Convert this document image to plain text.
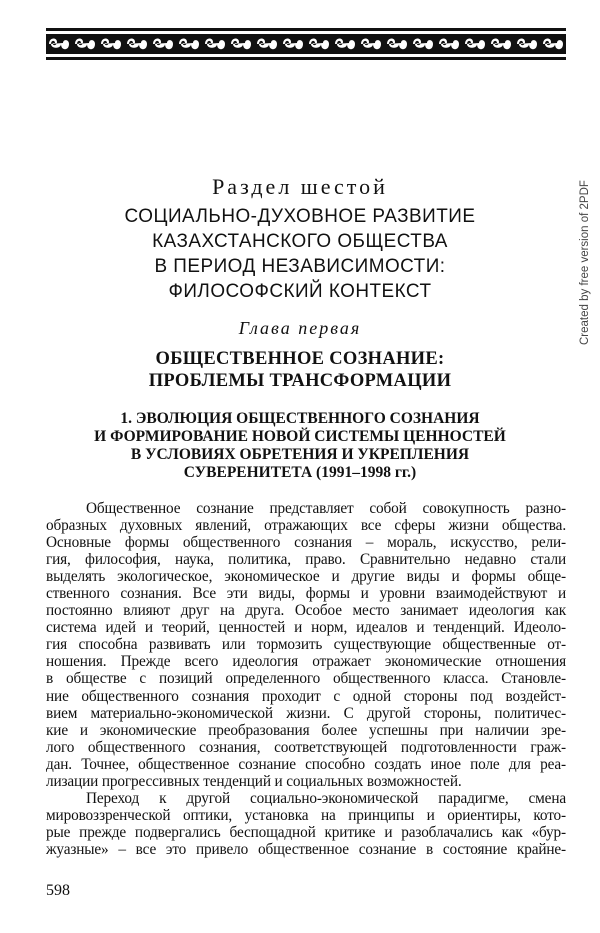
Created by free version of 2PDF
Раздел шестой
СОЦИАЛЬНО-ДУХОВНОЕ РАЗВИТИЕ
КАЗАХСТАНСКОГО ОБЩЕСТВА
В ПЕРИОД НЕЗАВИСИМОСТИ:
ФИЛОСОФСКИЙ КОНТЕКСТ
Глава первая
ОБЩЕСТВЕННОЕ СОЗНАНИЕ:
ПРОБЛЕМЫ ТРАНСФОРМАЦИИ
1. ЭВОЛЮЦИЯ ОБЩЕСТВЕННОГО СОЗНАНИЯ
И ФОРМИРОВАНИЕ НОВОЙ СИСТЕМЫ ЦЕННОСТЕЙ
В УСЛОВИЯХ ОБРЕТЕНИЯ И УКРЕПЛЕНИЯ
СУВЕРЕНИТЕТА (1991–1998 гг.)
Общественное сознание представляет собой совокупность разно-
образных духовных явлений, отражающих все сферы жизни общества.
Основные формы общественного сознания – мораль, искусство, рели-
гия, философия, наука, политика, право. Сравнительно недавно стали
выделять экологическое, экономическое и другие виды и формы обще-
ственного сознания. Все эти виды, формы и уровни взаимодействуют и
постоянно влияют друг на друга. Особое место занимает идеология как
система идей и теорий, ценностей и норм, идеалов и тенденций. Идеоло-
гия способна развивать или тормозить существующие общественные от-
ношения. Прежде всего идеология отражает экономические отношения
в обществе с позиций определенного общественного класса. Становле-
ние общественного сознания проходит с одной стороны под воздейст-
вием материально-экономической жизни. С другой стороны, политичес-
кие и экономические преобразования более успешны при наличии зре-
лого общественного сознания, соответствующей подготовленности граж-
дан. Точнее, общественное сознание способно создать иное поле для реа-
лизации прогрессивных тенденций и социальных возможностей.
Переход к другой социально-экономической парадигме, смена
мировоззренческой оптики, установка на принципы и ориентиры, кото-
рые прежде подвергались беспощадной критике и разоблачались как «бур-
жуазные» – все это привело общественное сознание в состояние крайне-
598
